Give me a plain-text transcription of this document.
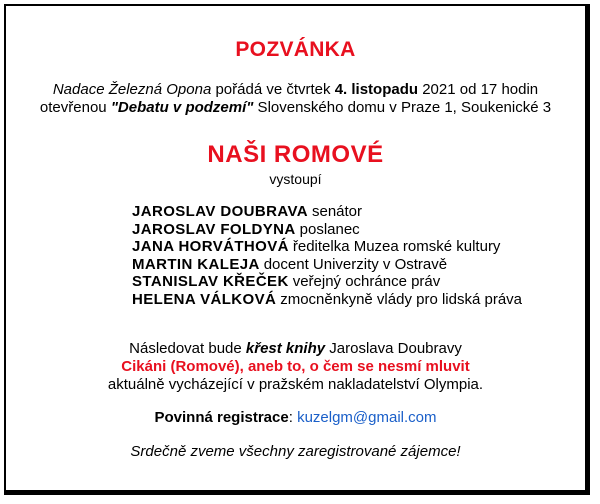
POZVÁNKA
Nadace Železná Opona pořádá ve čtvrtek 4. listopadu 2021 od 17 hodin
otevřenou "Debatu v podzemí" Slovenského domu v Praze 1, Soukenické 3
NAŠI ROMOVÉ
vystoupí
JAROSLAV DOUBRAVA senátor
JAROSLAV FOLDYNA poslanec
JANA HORVÁTHOVÁ ředitelka Muzea romské kultury
MARTIN KALEJA docent Univerzity v Ostravě
STANISLAV KŘEČEK veřejný ochránce práv
HELENA VÁLKOVÁ zmocněnkyně vlády pro lidská práva
Následovat bude křest knihy Jaroslava Doubravy
Cikáni (Romové), aneb to, o čem se nesmí mluvit
aktuálně vycházející v pražském nakladatelství Olympia.
Povinná registrace: kuzelgm@gmail.com
Srdečně zveme všechny zaregistrované zájemce!
